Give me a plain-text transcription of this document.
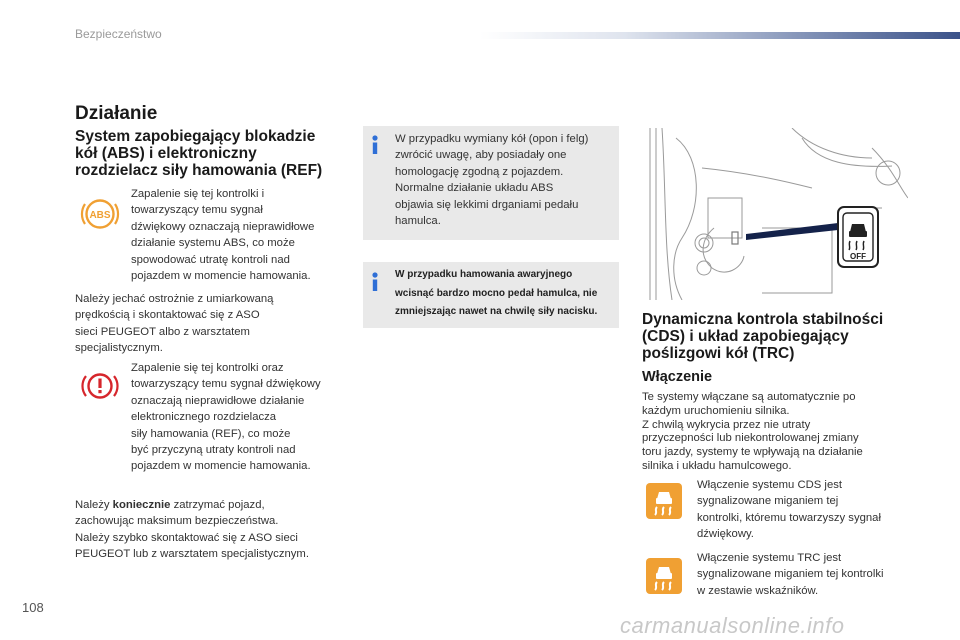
Bezpieczeństwo
Działanie
System zapobiegający blokadzie
kół (ABS) i elektroniczny
rozdzielacz siły hamowania (REF)
ABS
Zapalenie się tej kontrolki i
towarzyszący temu sygnał
dźwiękowy oznaczają nieprawidłowe
działanie systemu ABS, co może
spowodować utratę kontroli nad
pojazdem w momencie hamowania.
Należy jechać ostrożnie z umiarkowaną
prędkością i skontaktować się z ASO
sieci PEUGEOT albo z warsztatem
specjalistycznym.
Zapalenie się tej kontrolki oraz
towarzyszący temu sygnał dźwiękowy
oznaczają nieprawidłowe działanie
elektronicznego rozdzielacza
siły hamowania (REF), co może
być przyczyną utraty kontroli nad
pojazdem w momencie hamowania.
Należy koniecznie zatrzymać pojazd,
zachowując maksimum bezpieczeństwa.
Należy szybko skontaktować się z ASO sieci
PEUGEOT lub z warsztatem specjalistycznym.
W przypadku wymiany kół (opon i felg)
zwrócić uwagę, aby posiadały one
homologację zgodną z pojazdem.
Normalne działanie układu ABS
objawia się lekkimi drganiami pedału
hamulca.
W przypadku hamowania awaryjnego
wcisnąć bardzo mocno pedał hamulca, nie
zmniejszając nawet na chwilę siły nacisku.
OFF
Dynamiczna kontrola stabilności
(CDS) i układ zapobiegający
poślizgowi kół (TRC)
Włączenie
Te systemy włączane są automatycznie po
każdym uruchomieniu silnika.
Z chwilą wykrycia przez nie utraty
przyczepności lub niekontrolowanej zmiany
toru jazdy, systemy te wpływają na działanie
silnika i układu hamulcowego.
Włączenie systemu CDS jest
sygnalizowane miganiem tej
kontrolki, któremu towarzyszy sygnał
dźwiękowy.
Włączenie systemu TRC jest
sygnalizowane miganiem tej kontrolki
w zestawie wskaźników.
108
carmanualsonline.info
